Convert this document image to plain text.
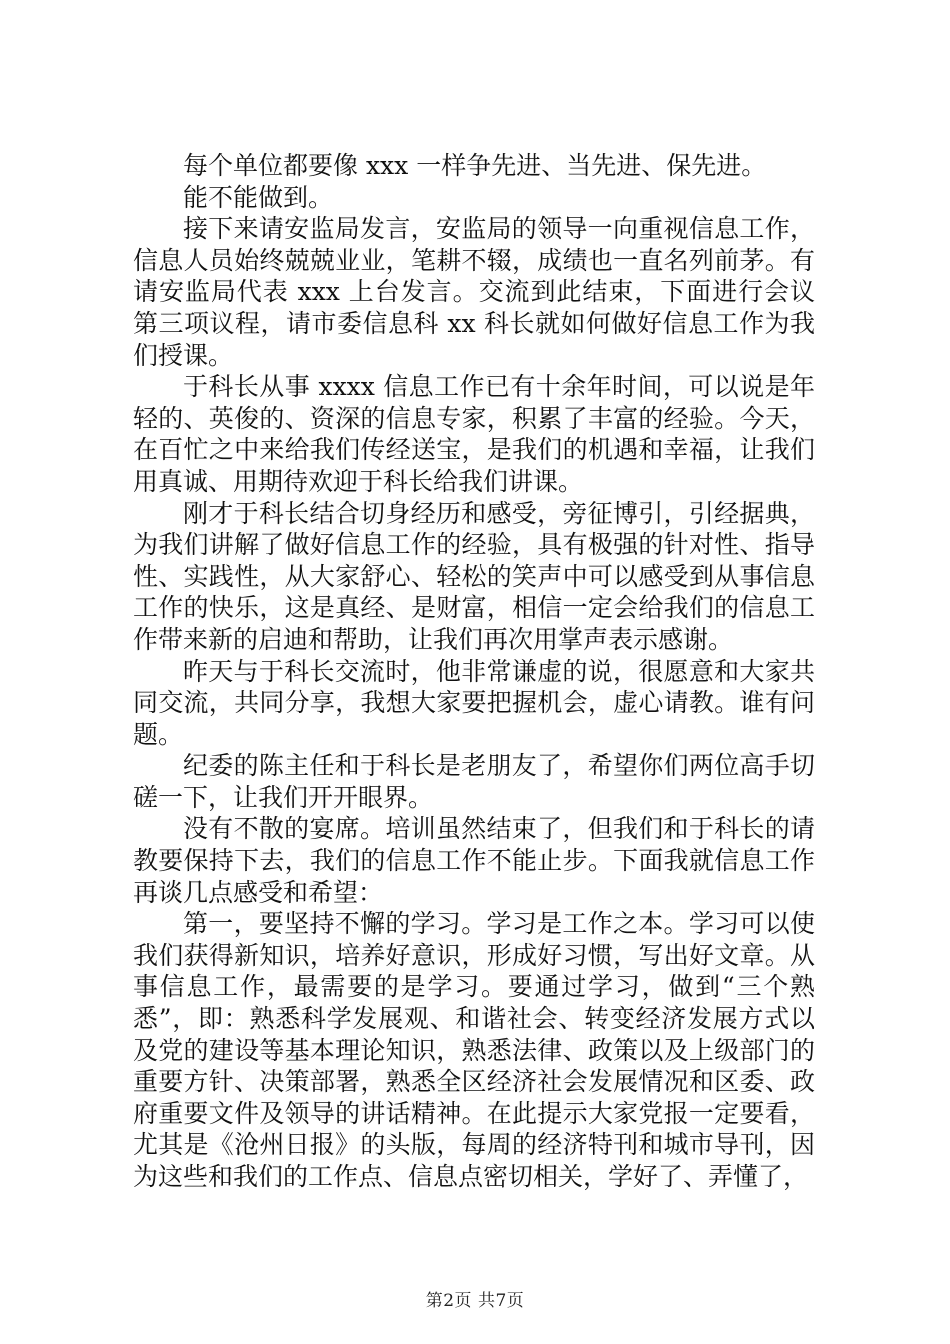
每个单位都要像 xxx 一样争先进、当先进、保先进。

能不能做到。

接下来请安监局发言，安监局的领导一向重视信息工作，信息人员始终兢兢业业，笔耕不辍，成绩也一直名列前茅。有请安监局代表 xxx 上台发言。交流到此结束，下面进行会议第三项议程，请市委信息科 xx 科长就如何做好信息工作为我们授课。

于科长从事 xxxx 信息工作已有十余年时间，可以说是年轻的、英俊的、资深的信息专家，积累了丰富的经验。今天，在百忙之中来给我们传经送宝，是我们的机遇和幸福，让我们用真诚、用期待欢迎于科长给我们讲课。

刚才于科长结合切身经历和感受，旁征博引，引经据典，为我们讲解了做好信息工作的经验，具有极强的针对性、指导性、实践性，从大家舒心、轻松的笑声中可以感受到从事信息工作的快乐，这是真经、是财富，相信一定会给我们的信息工作带来新的启迪和帮助，让我们再次用掌声表示感谢。

昨天与于科长交流时，他非常谦虚的说，很愿意和大家共同交流，共同分享，我想大家要把握机会，虚心请教。谁有问题。

纪委的陈主任和于科长是老朋友了，希望你们两位高手切磋一下，让我们开开眼界。

没有不散的宴席。培训虽然结束了，但我们和于科长的请教要保持下去，我们的信息工作不能止步。下面我就信息工作再谈几点感受和希望：

第一，要坚持不懈的学习。学习是工作之本。学习可以使我们获得新知识，培养好意识，形成好习惯，写出好文章。从事信息工作，最需要的是学习。要通过学习，做到“三个熟悉”，即：熟悉科学发展观、和谐社会、转变经济发展方式以及党的建设等基本理论知识，熟悉法律、政策以及上级部门的重要方针、决策部署，熟悉全区经济社会发展情况和区委、政府重要文件及领导的讲话精神。在此提示大家党报一定要看，尤其是《沧州日报》的头版，每周的经济特刊和城市导刊，因为这些和我们的工作点、信息点密切相关，学好了、弄懂了，

第2页 共7页
